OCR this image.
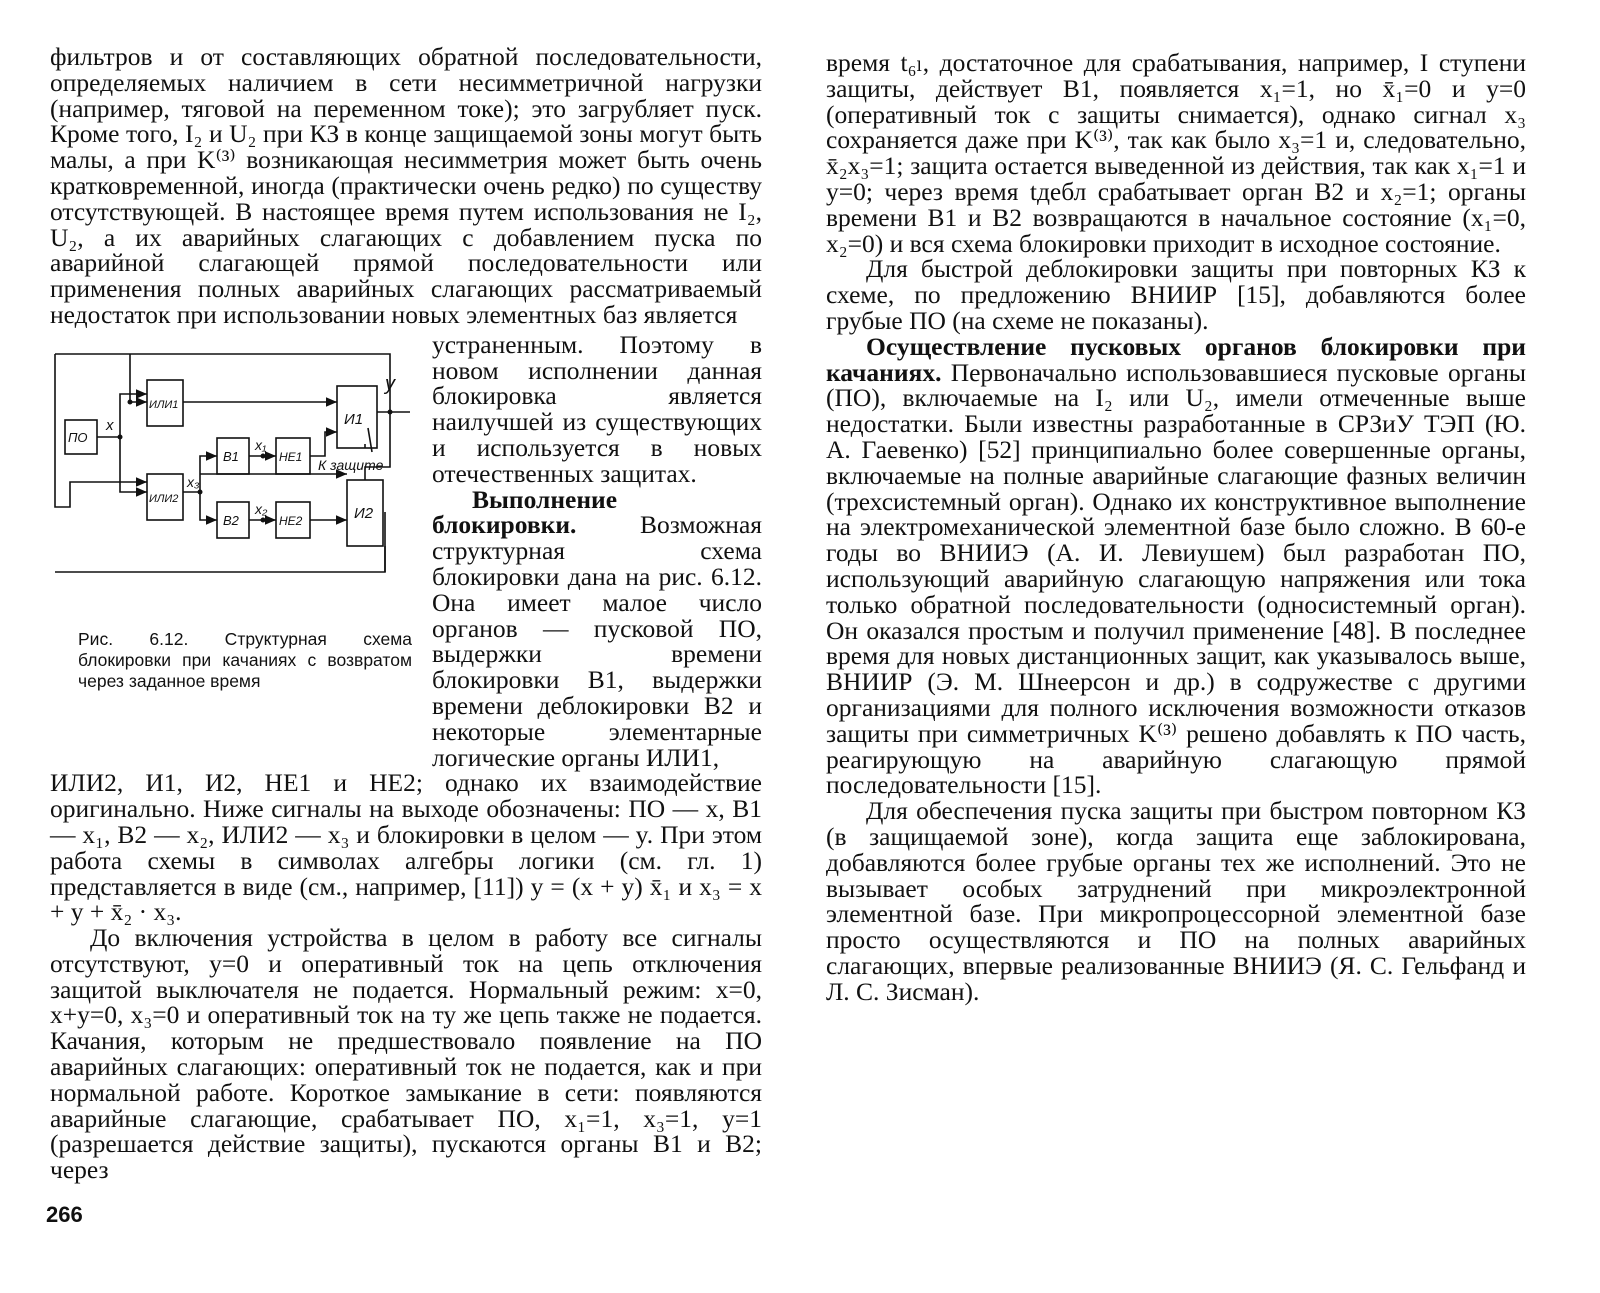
фильтров и от составляющих обратной последовательности, определяемых наличием в сети несимметричной нагрузки (например, тяговой на переменном токе); это загрубляет пуск. Кроме того, I₂ и U₂ при КЗ в конце защищаемой зоны могут быть малы, а при K⁽³⁾ возникающая несимметрия может быть очень кратковременной, иногда (практически очень редко) по существу отсутствующей. В настоящее время путем использования не I₂, U₂, а их аварийных слагающих с добавлением пуска по аварийной слагающей прямой последовательности или применения полных аварийных слагающих рассматриваемый недостаток при использовании новых элементных баз является

ПО
ИЛИ1
ИЛИ2
В1	НЕ1
В2	НЕ2
И1
И2
x
x₁
x₂
x₃
y
К защите
Рис. 6.12. Структурная схема блокировки при качаниях с возвратом через заданное время

устраненным. Поэтому в новом исполнении данная блокировка является наилучшей из существующих и используется в новых отечественных защитах.

Выполнение блокировки. Возможная структурная схема блокировки дана на рис. 6.12. Она имеет малое число органов — пусковой ПО, выдержки времени блокировки B1, выдержки времени деблокировки B2 и некоторые элементарные логические органы ИЛИ1,

ИЛИ2, И1, И2, НЕ1 и НЕ2; однако их взаимодействие оригинально. Ниже сигналы на выходе обозначены: ПО — x, B1 — x₁, B2 — x₂, ИЛИ2 — x₃ и блокировки в целом — y. При этом работа схемы в символах алгебры логики (см. гл. 1) представляется в виде (см., например, [11]) y = (x + y) x̄₁ и x₃ = x + y + x̄₂ · x₃.

До включения устройства в целом в работу все сигналы отсутствуют, y=0 и оперативный ток на цепь отключения защитой выключателя не подается. Нормальный режим: x=0, x+y=0, x₃=0 и оперативный ток на ту же цепь также не подается. Качания, которым не предшествовало появление на ПО аварийных слагающих: оперативный ток не подается, как и при нормальной работе. Короткое замыкание в сети: появляются аварийные слагающие, срабатывает ПО, x₁=1, x₃=1, y=1 (разрешается действие защиты), пускаются органы B1 и B2; через

время t₆ₗ, достаточное для срабатывания, например, I ступени защиты, действует B1, появляется x₁=1, но x̄₁=0 и y=0 (оперативный ток с защиты снимается), однако сигнал x₃ сохраняется даже при K⁽³⁾, так как было x₃=1 и, следовательно, x̄₂x₃=1; защита остается выведенной из действия, так как x₁=1 и y=0; через время tдебл срабатывает орган B2 и x₂=1; органы времени B1 и B2 возвращаются в начальное состояние (x₁=0, x₂=0) и вся схема блокировки приходит в исходное состояние.

Для быстрой деблокировки защиты при повторных КЗ к схеме, по предложению ВНИИР [15], добавляются более грубые ПО (на схеме не показаны).

Осуществление пусковых органов блокировки при качаниях. Первоначально использовавшиеся пусковые органы (ПО), включаемые на I₂ или U₂, имели отмеченные выше недостатки. Были известны разработанные в СРЗиУ ТЭП (Ю. А. Гаевенко) [52] принципиально более совершенные органы, включаемые на полные аварийные слагающие фазных величин (трехсистемный орган). Однако их конструктивное выполнение на электромеханической элементной базе было сложно. В 60-е годы во ВНИИЭ (А. И. Левиушем) был разработан ПО, использующий аварийную слагающую напряжения или тока только обратной последовательности (односистемный орган). Он оказался простым и получил применение [48]. В последнее время для новых дистанционных защит, как указывалось выше, ВНИИР (Э. М. Шнеерсон и др.) в содружестве с другими организациями для полного исключения возможности отказов защиты при симметричных K⁽³⁾ решено добавлять к ПО часть, реагирующую на аварийную слагающую прямой последовательности [15].

Для обеспечения пуска защиты при быстром повторном КЗ (в защищаемой зоне), когда защита еще заблокирована, добавляются более грубые органы тех же исполнений. Это не вызывает особых затруднений при микроэлектронной элементной базе. При микропроцессорной элементной базе просто осуществляются и ПО на полных аварийных слагающих, впервые реализованные ВНИИЭ (Я. С. Гельфанд и Л. С. Зисман).

266
